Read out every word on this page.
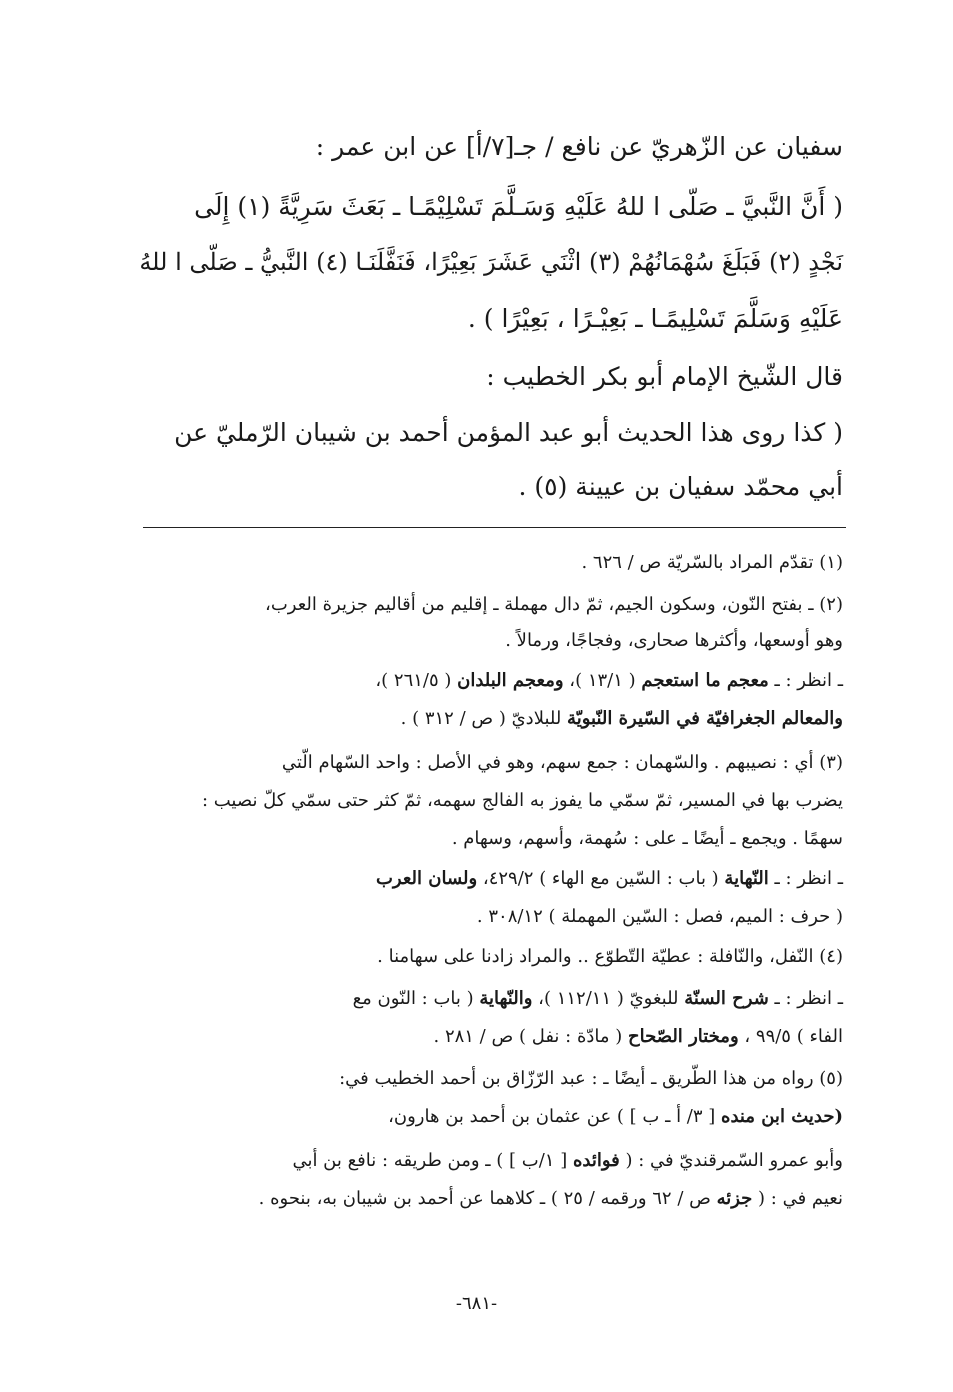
سفيان عن الزّهريّ عن نافع / جـ[٧/أ] عن ابن عمر :
( أَنَّ النَّبيَّ ـ صَلّى ا للهُ عَلَيْهِ وَسَـلَّمَ تَسْلِيْمًـا ـ بَعَثَ سَرِيَّةً (١) إِلَى
نَجْدٍ (٢) فَبَلَغَ سُهْمَانُهُمْ (٣) اثْنَي عَشَرَ بَعِيْرًا، فَنَفَّلَنَـا (٤) النَّبيُّ ـ صَلّى ا للهُ
عَلَيْهِ وَسَلَّمَ تَسْلِيمًـا ـ بَعِيْـرًا ، بَعِيْرًا ) .
قال الشّيخ الإمام أبو بكر الخطيب :
( كذا روى هذا الحديث أبو عبد المؤمن أحمد بن شيبان الرّمليّ عن
أبي محمّد سفيان بن عيينة (٥) .
(١) تقدّم المراد بالسّريّة ص / ٦٢٦ .
(٢) ـ بفتح النّون، وسكون الجيم، ثمّ دال مهملة ـ إقليم من أقاليم جزيرة العرب،
وهو أوسعها، وأكثرها صحارى، وفجاجًا، ورمالاً .
ـ انظر : ـ معجم ما استعجم ( ١٣/١ )، ومعجم البلدان ( ٢٦١/٥ )،
والمعالم الجغرافيّة في السّيرة النّبويّة للبلاديّ ( ص / ٣١٢ ) .
(٣) أي : نصيبهم . والسّهمان : جمع سهم، وهو في الأصل : واحد السّهام الّتي
يضرب بها في المسير، ثمّ سمّي ما يفوز به الفالج سهمه، ثمّ كثر حتى سمّي كلّ نصيب :
سهمًا . ويجمع ـ أيضًا ـ على : سُهمة، وأسهم، وسهام .
ـ انظر : ـ النّهاية ( باب : السّين مع الهاء ) ٤٢٩/٢، ولسان العرب
( حرف : الميم، فصل : السّين المهملة ) ٣٠٨/١٢ .
(٤) النّفل، والنّافلة : عطيّة التّطوّع .. والمراد زادنا على سهامنا .
ـ انظر : ـ شرح السنّة للبغويّ ( ١١٢/١١ )، والنّهاية ( باب : النّون مع
الفاء ) ٩٩/٥ ، ومختار الصّحاح ( مادّة : نفل ) ص / ٢٨١ .
(٥) رواه من هذا الطّريق ـ أيضًا ـ : عبد الرّزّاق بن أحمد الخطيب في:
(حديث ابن منده [ ٣/ أ ـ ب ] ) عن عثمان بن أحمد بن هارون،
وأبو عمرو السّمرقنديّ في : ( فوائده [ ١/ب ] ) ـ ومن طريقه : نافع بن أبي
نعيم في : ( جزئه ص / ٦٢ ورقمه / ٢٥ ) ـ كلاهما عن أحمد بن شيبان به، بنحوه .
-٦٨١-
